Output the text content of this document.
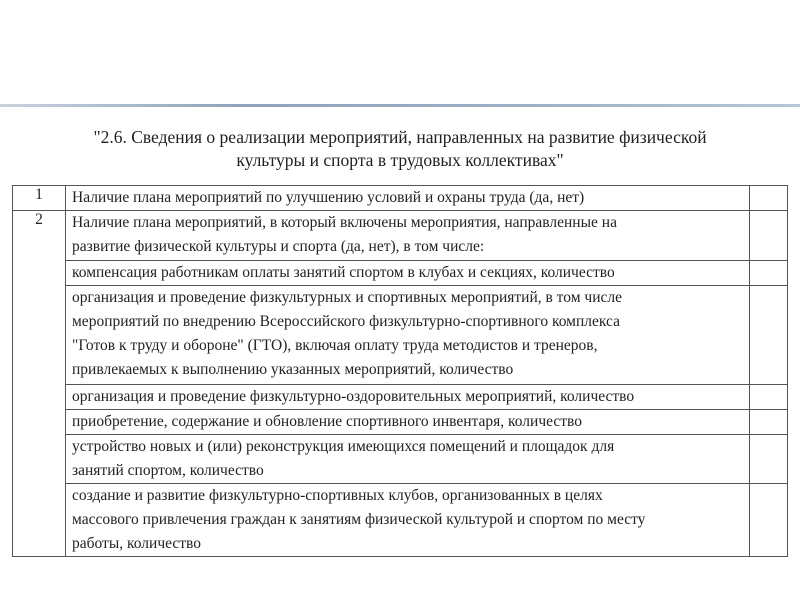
"2.6. Сведения о реализации мероприятий, направленных на развитие физической
культуры и спорта в трудовых коллективах"
1	Наличие плана мероприятий по улучшению условий и охраны труда (да, нет)	

2	Наличие плана мероприятий, в который включены мероприятия, направленные на
развитие физической культуры и спорта (да, нет), в том числе:	

	компенсация работникам оплаты занятий спортом в клубах и секциях, количество	

	организация и проведение физкультурных и спортивных мероприятий, в том числе
мероприятий по внедрению Всероссийского физкультурно-спортивного комплекса
"Готов к труду и обороне" (ГТО), включая оплату труда методистов и тренеров,
привлекаемых к выполнению указанных мероприятий, количество	

	организация и проведение физкультурно-оздоровительных мероприятий, количество	

	приобретение, содержание и обновление спортивного инвентаря, количество	

	устройство новых и (или) реконструкция имеющихся помещений и площадок для
занятий спортом, количество	

	создание и развитие физкультурно-спортивных клубов, организованных в целях
массового привлечения граждан к занятиям физической культурой и спортом по месту
работы, количество	
